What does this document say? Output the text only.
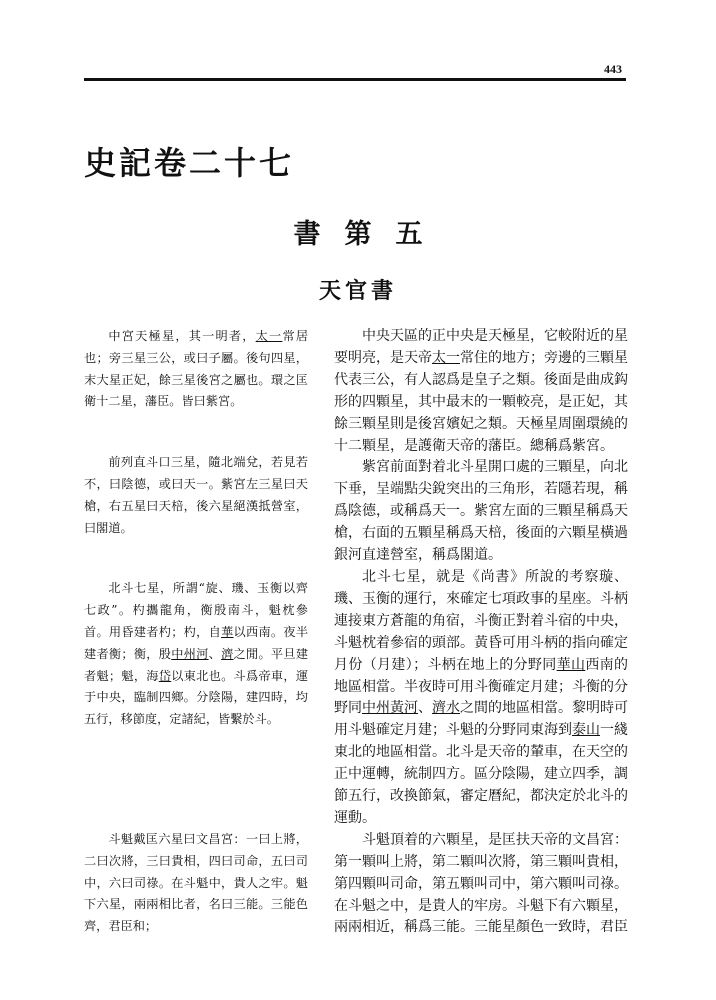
443
史記卷二十七
書第五
天官書

中宮天極星，其一明者，太一常居也；旁三星三公，或曰子屬。後句四星，末大星正妃，餘三星後宮之屬也。環之匡衛十二星，藩臣。皆曰紫宮。

前列直斗口三星，隨北端兌，若見若不，曰陰德，或曰天一。紫宮左三星曰天槍，右五星曰天棓，後六星絕漢抵營室，曰閣道。

北斗七星，所謂“旋、璣、玉衡以齊七政”。杓攜龍角，衡殷南斗，魁枕參首。用昏建者杓；杓，自華以西南。夜半建者衡；衡，殷中州河、濟之閒。平旦建者魁；魁，海岱以東北也。斗爲帝車，運于中央，臨制四鄉。分陰陽，建四時，均五行，移節度，定諸紀，皆繫於斗。

斗魁戴匡六星曰文昌宮：一曰上將，二曰次將，三曰貴相，四曰司命，五曰司中，六曰司祿。在斗魁中，貴人之牢。魁下六星，兩兩相比者，名曰三能。三能色齊，君臣和；

中央天區的正中央是天極星，它較附近的星要明亮，是天帝太一常住的地方；旁邊的三顆星代表三公，有人認爲是皇子之類。後面是曲成鈎形的四顆星，其中最末的一顆較亮，是正妃，其餘三顆星則是後宮嬪妃之類。天極星周圍環繞的十二顆星，是護衛天帝的藩臣。總稱爲紫宮。

紫宮前面對着北斗星開口處的三顆星，向北下垂，呈端點尖銳突出的三角形，若隱若現，稱爲陰德，或稱爲天一。紫宮左面的三顆星稱爲天槍，右面的五顆星稱爲天棓，後面的六顆星橫過銀河直達營室，稱爲閣道。

北斗七星，就是《尚書》所說的考察璇、璣、玉衡的運行，來確定七項政事的星座。斗柄連接東方蒼龍的角宿，斗衡正對着斗宿的中央，斗魁枕着參宿的頭部。黃昏可用斗柄的指向確定月份（月建）；斗柄在地上的分野同華山西南的地區相當。半夜時可用斗衡確定月建；斗衡的分野同中州黃河、濟水之間的地區相當。黎明時可用斗魁確定月建；斗魁的分野同東海到泰山一綫東北的地區相當。北斗是天帝的輦車，在天空的正中運轉，統制四方。區分陰陽，建立四季，調節五行，改換節氣，審定曆紀，都決定於北斗的運動。

斗魁頂着的六顆星，是匡扶天帝的文昌宮：第一顆叫上將，第二顆叫次將，第三顆叫貴相，第四顆叫司命，第五顆叫司中，第六顆叫司祿。在斗魁之中，是貴人的牢房。斗魁下有六顆星，兩兩相近，稱爲三能。三能星顏色一致時，君臣
